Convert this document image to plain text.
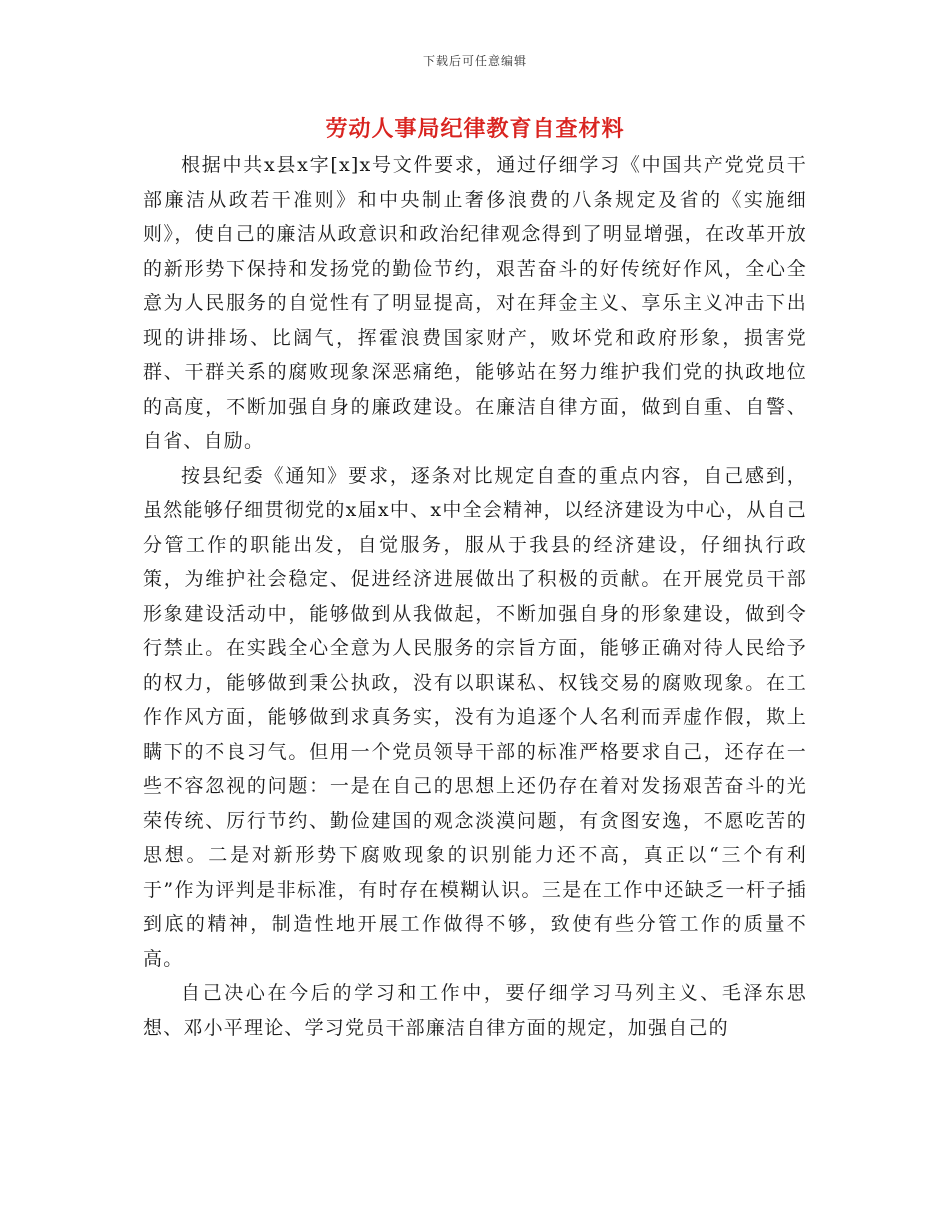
下载后可任意编辑
劳动人事局纪律教育自查材料

根据中共x县x字[x]x号文件要求，通过仔细学习《中国共产党党员干部廉洁从政若干准则》和中央制止奢侈浪费的八条规定及省的《实施细则》，使自己的廉洁从政意识和政治纪律观念得到了明显增强，在改革开放的新形势下保持和发扬党的勤俭节约，艰苦奋斗的好传统好作风，全心全意为人民服务的自觉性有了明显提高，对在拜金主义、享乐主义冲击下出现的讲排场、比阔气，挥霍浪费国家财产，败坏党和政府形象，损害党群、干群关系的腐败现象深恶痛绝，能够站在努力维护我们党的执政地位的高度，不断加强自身的廉政建设。在廉洁自律方面，做到自重、自警、自省、自励。

按县纪委《通知》要求，逐条对比规定自查的重点内容，自己感到，虽然能够仔细贯彻党的x届x中、x中全会精神，以经济建设为中心，从自己分管工作的职能出发，自觉服务，服从于我县的经济建设，仔细执行政策，为维护社会稳定、促进经济进展做出了积极的贡献。在开展党员干部形象建设活动中，能够做到从我做起，不断加强自身的形象建设，做到令行禁止。在实践全心全意为人民服务的宗旨方面，能够正确对待人民给予的权力，能够做到秉公执政，没有以职谋私、权钱交易的腐败现象。在工作作风方面，能够做到求真务实，没有为追逐个人名利而弄虚作假，欺上瞒下的不良习气。但用一个党员领导干部的标准严格要求自己，还存在一些不容忽视的问题：一是在自己的思想上还仍存在着对发扬艰苦奋斗的光荣传统、厉行节约、勤俭建国的观念淡漠问题，有贪图安逸，不愿吃苦的思想。二是对新形势下腐败现象的识别能力还不高，真正以“三个有利于”作为评判是非标准，有时存在模糊认识。三是在工作中还缺乏一杆子插到底的精神，制造性地开展工作做得不够，致使有些分管工作的质量不高。

自己决心在今后的学习和工作中，要仔细学习马列主义、毛泽东思想、邓小平理论、学习党员干部廉洁自律方面的规定，加强自己的
